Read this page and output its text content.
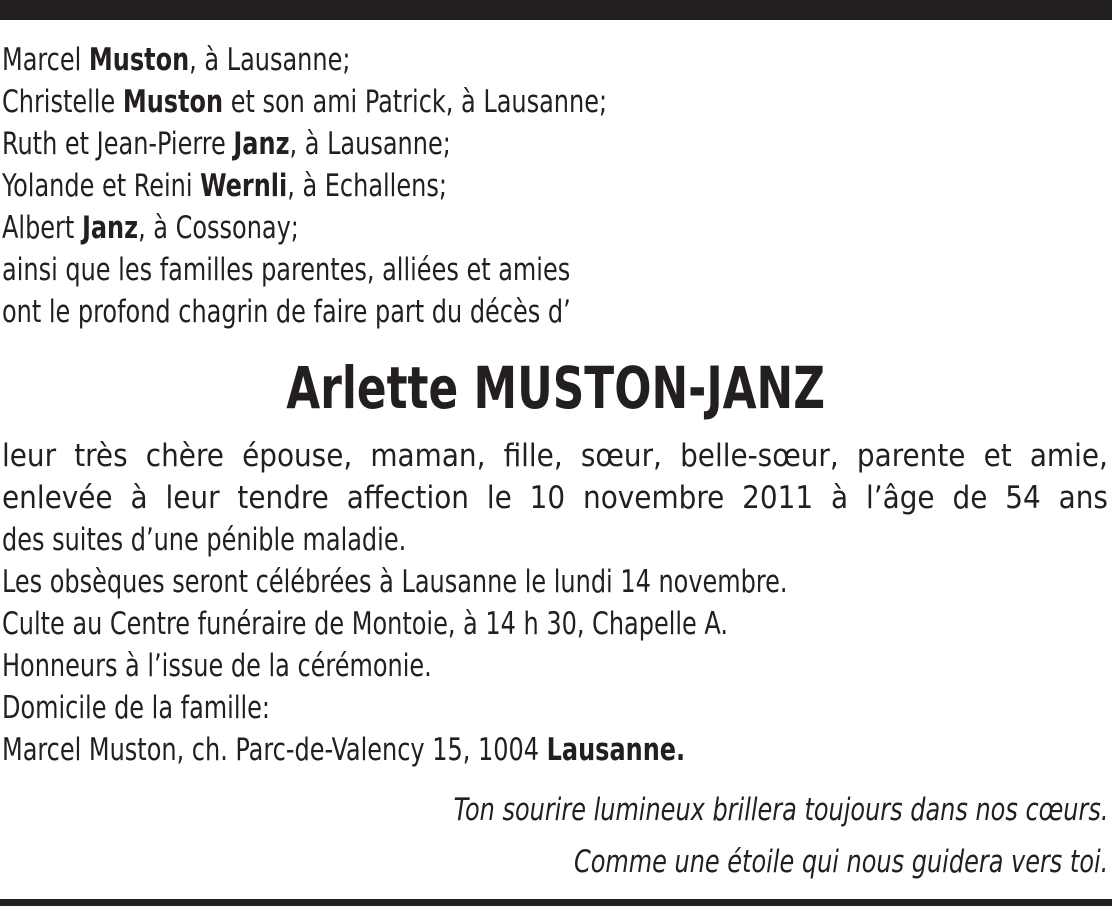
Marcel Muston, à Lausanne;
Christelle Muston et son ami Patrick, à Lausanne;
Ruth et Jean-Pierre Janz, à Lausanne;
Yolande et Reini Wernli, à Echallens;
Albert Janz, à Cossonay;
ainsi que les familles parentes, alliées et amies
ont le profond chagrin de faire part du décès d’
Arlette MUSTON-JANZ
leur très chère épouse, maman, fille, sœur, belle-sœur, parente et amie,
enlevée à leur tendre affection le 10 novembre 2011 à l’âge de 54 ans
des suites d’une pénible maladie.
Les obsèques seront célébrées à Lausanne le lundi 14 novembre.
Culte au Centre funéraire de Montoie, à 14 h 30, Chapelle A.
Honneurs à l’issue de la cérémonie.
Domicile de la famille:
Marcel Muston, ch. Parc-de-Valency 15, 1004 Lausanne.
Ton sourire lumineux brillera toujours dans nos cœurs.
Comme une étoile qui nous guidera vers toi.
